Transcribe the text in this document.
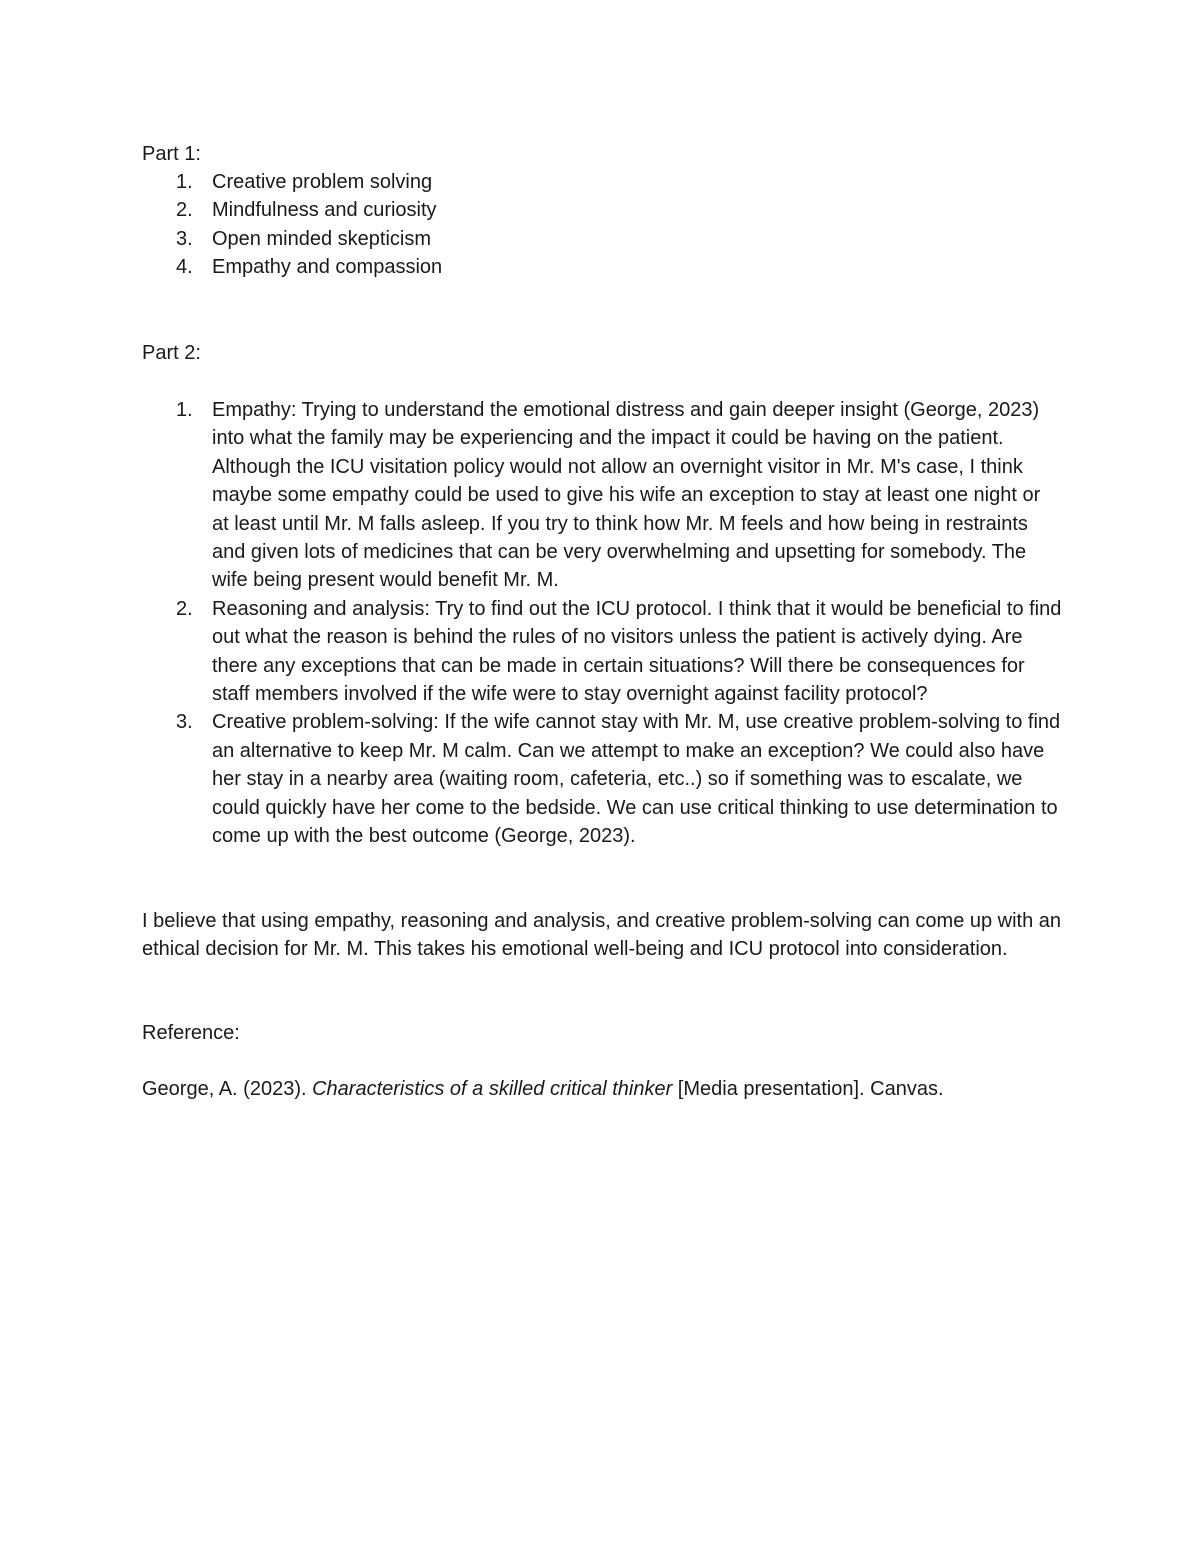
Part 1:
1. Creative problem solving
2. Mindfulness and curiosity
3. Open minded skepticism
4. Empathy and compassion
Part 2:
1. Empathy: Trying to understand the emotional distress and gain deeper insight (George, 2023) into what the family may be experiencing and the impact it could be having on the patient. Although the ICU visitation policy would not allow an overnight visitor in Mr. M's case, I think maybe some empathy could be used to give his wife an exception to stay at least one night or at least until Mr. M falls asleep. If you try to think how Mr. M feels and how being in restraints and given lots of medicines that can be very overwhelming and upsetting for somebody. The wife being present would benefit Mr. M.
2. Reasoning and analysis: Try to find out the ICU protocol. I think that it would be beneficial to find out what the reason is behind the rules of no visitors unless the patient is actively dying. Are there any exceptions that can be made in certain situations? Will there be consequences for staff members involved if the wife were to stay overnight against facility protocol?
3. Creative problem-solving: If the wife cannot stay with Mr. M, use creative problem-solving to find an alternative to keep Mr. M calm. Can we attempt to make an exception? We could also have her stay in a nearby area (waiting room, cafeteria, etc..) so if something was to escalate, we could quickly have her come to the bedside. We can use critical thinking to use determination to come up with the best outcome (George, 2023).

I believe that using empathy, reasoning and analysis, and creative problem-solving can come up with an ethical decision for Mr. M. This takes his emotional well-being and ICU protocol into consideration.

Reference:

George, A. (2023). Characteristics of a skilled critical thinker [Media presentation]. Canvas.
